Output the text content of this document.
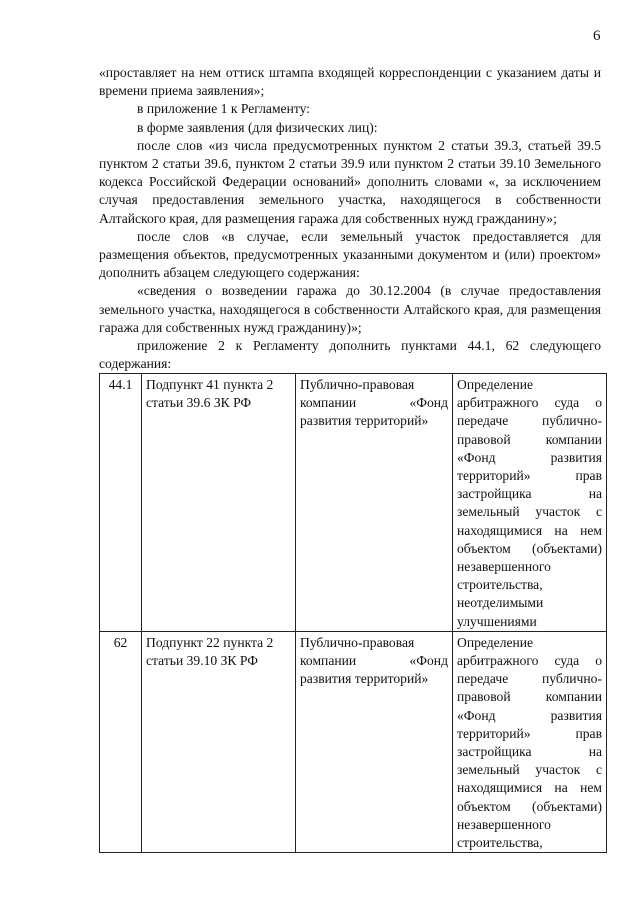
6

«проставляет на нем оттиск штампа входящей корреспонденции с указанием даты и времени приема заявления»;

в приложение 1 к Регламенту:

в форме заявления (для физических лиц):

после слов «из числа предусмотренных пунктом 2 статьи 39.3, статьей 39.5 пунктом 2 статьи 39.6, пунктом 2 статьи 39.9 или пунктом 2 статьи 39.10 Земельного кодекса Российской Федерации оснований» дополнить словами «, за исключением случая предоставления земельного участка, находящегося в собственности Алтайского края, для размещения гаража для собственных нужд гражданину»;

после слов «в случае, если земельный участок предоставляется для размещения объектов, предусмотренных указанными документом и (или) проектом» дополнить абзацем следующего содержания:

«сведения о возведении гаража до 30.12.2004 (в случае предоставления земельного участка, находящегося в собственности Алтайского края, для размещения гаража для собственных нужд гражданину)»;

приложение 2 к Регламенту дополнить пунктами 44.1, 62 следующего содержания:

44.1	Подпункт 41 пункта 2 статьи 39.6 ЗК РФ	Публично-правовая компании «Фонд развития территорий»	Определение арбитражного суда о передаче публично-правовой компании «Фонд развития территорий» прав застройщика на земельный участок с находящимися на нем объектом (объектами) незавершенного строительства, неотделимыми улучшениями
62	Подпункт 22 пункта 2 статьи 39.10 ЗК РФ	Публично-правовая компании «Фонд развития территорий»	Определение арбитражного суда о передаче публично-правовой компании «Фонд развития территорий» прав застройщика на земельный участок с находящимися на нем объектом (объектами) незавершенного строительства,
